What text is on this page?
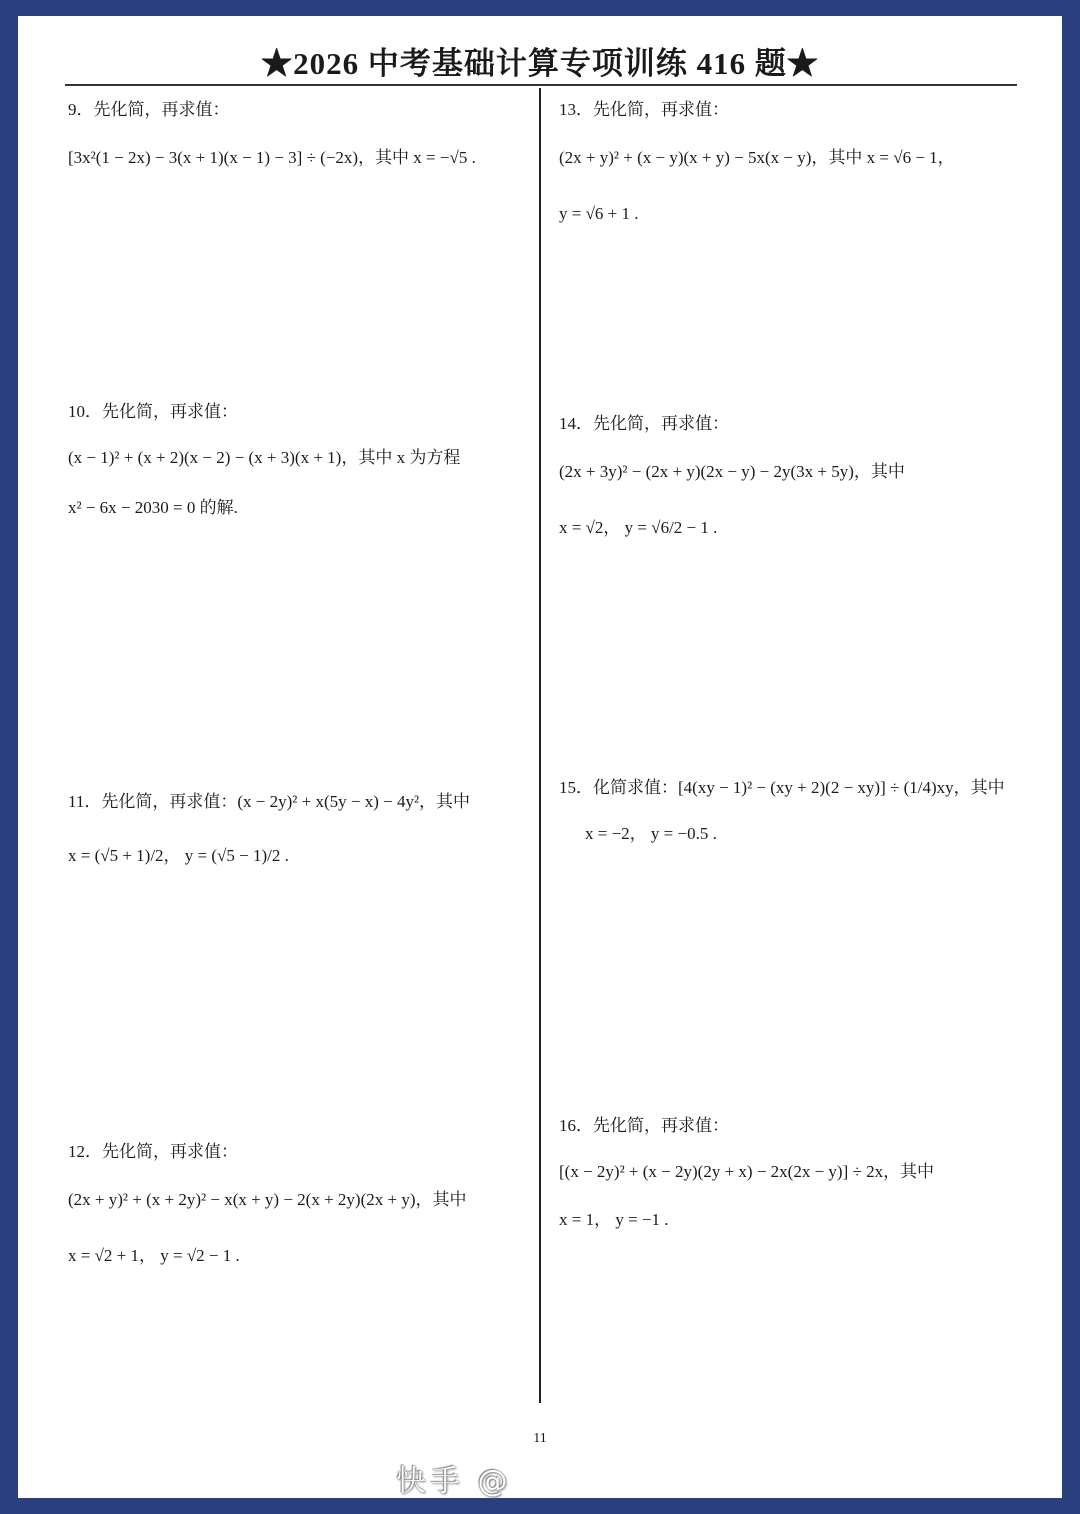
★2026 中考基础计算专项训练 416 题★
9．先化简，再求值：
[3x²(1 − 2x) − 3(x + 1)(x − 1) − 3] ÷ (−2x)，其中 x = −√5 .
10．先化简，再求值：
(x − 1)² + (x + 2)(x − 2) − (x + 3)(x + 1)，其中 x 为方程
x² − 6x − 2030 = 0 的解.
11．先化简，再求值：(x − 2y)² + x(5y − x) − 4y²，其中
x = (√5 + 1)/2， y = (√5 − 1)/2 .
12．先化简，再求值：
(2x + y)² + (x + 2y)² − x(x + y) − 2(x + 2y)(2x + y)，其中
x = √2 + 1， y = √2 − 1 .
13．先化简，再求值：
(2x + y)² + (x − y)(x + y) − 5x(x − y)，其中 x = √6 − 1，
y = √6 + 1 .
14．先化简，再求值：
(2x + 3y)² − (2x + y)(2x − y) − 2y(3x + 5y)，其中
x = √2， y = √6/2 − 1 .
15．化简求值：[4(xy − 1)² − (xy + 2)(2 − xy)] ÷ (1/4)xy，其中
x = −2， y = −0.5 .
16．先化简，再求值：
[(x − 2y)² + (x − 2y)(2y + x) − 2x(2x − y)] ÷ 2x，其中
x = 1， y = −1 .
11
快手 @
